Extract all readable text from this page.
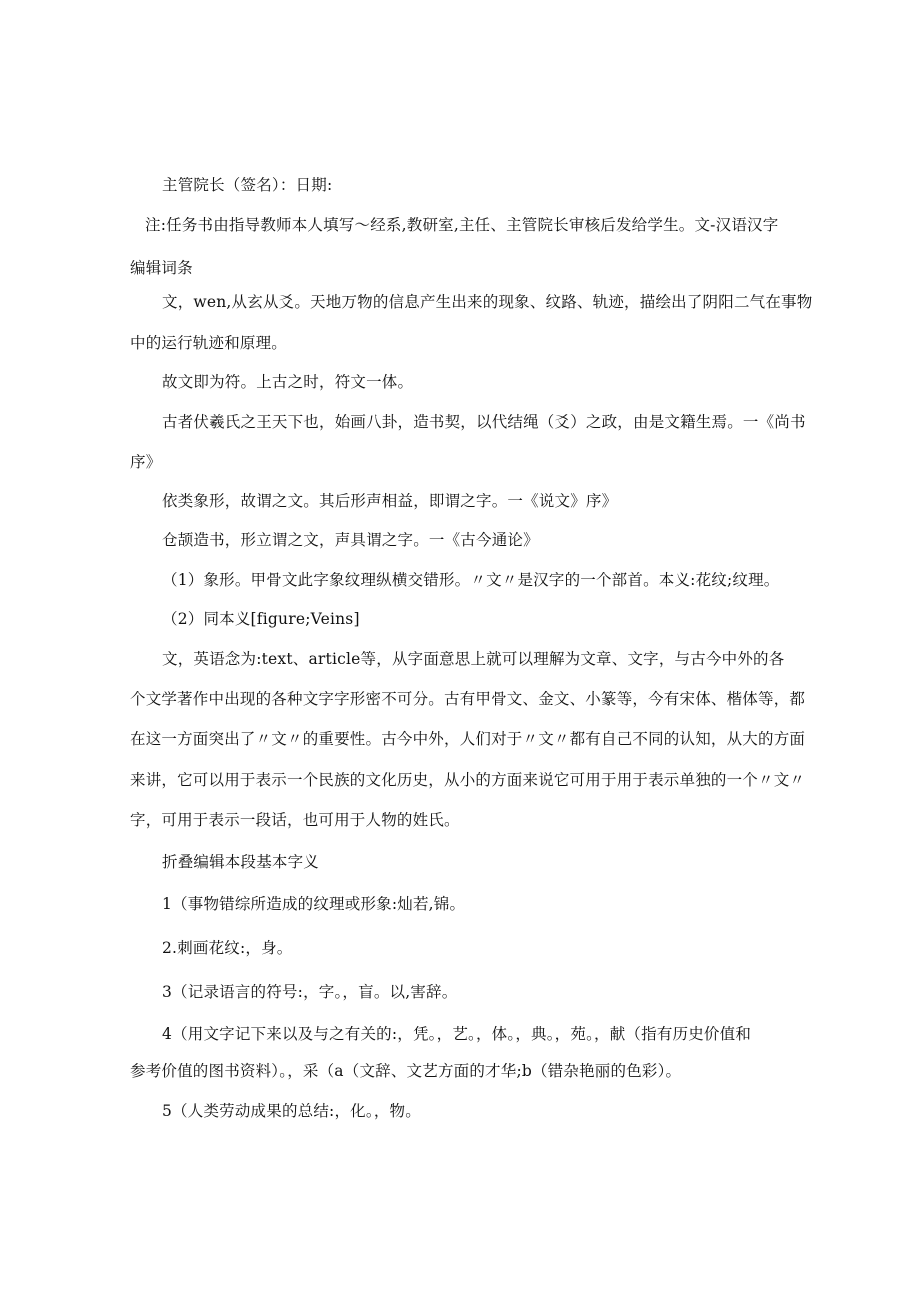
主管院长（签名）：日期:
注:任务书由指导教师本人填写～经系,教研室,主任、主管院长审核后发给学生。文-汉语汉字
编辑词条
文，wen,从玄从爻。天地万物的信息产生出来的现象、纹路、轨迹，描绘出了阴阳二气在事物
中的运行轨迹和原理。
故文即为符。上古之时，符文一体。
古者伏羲氏之王天下也，始画八卦，造书契，以代结绳（爻）之政，由是文籍生焉。一《尚书
序》
依类象形，故谓之文。其后形声相益，即谓之字。一《说文》序》
仓颉造书，形立谓之文，声具谓之字。一《古今通论》
（1）象形。甲骨文此字象纹理纵横交错形。〃文〃是汉字的一个部首。本义:花纹;纹理。
（2）同本义[figure;Veins]
文，英语念为:text、article等，从字面意思上就可以理解为文章、文字，与古今中外的各
个文学著作中出现的各种文字字形密不可分。古有甲骨文、金文、小篆等，今有宋体、楷体等，都
在这一方面突出了〃文〃的重要性。古今中外，人们对于〃文〃都有自己不同的认知，从大的方面
来讲，它可以用于表示一个民族的文化历史，从小的方面来说它可用于用于表示单独的一个〃文〃
字，可用于表示一段话，也可用于人物的姓氏。
折叠编辑本段基本字义
1（事物错综所造成的纹理或形象:灿若,锦。
2.刺画花纹:，身。
3（记录语言的符号:，字。，盲。以,害辞。
4（用文字记下来以及与之有关的:，凭。，艺。，体。，典。，苑。，献（指有历史价值和
参考价值的图书资料）。，采（a（文辞、文艺方面的才华;b（错杂艳丽的色彩）。
5（人类劳动成果的总结:，化。，物。
